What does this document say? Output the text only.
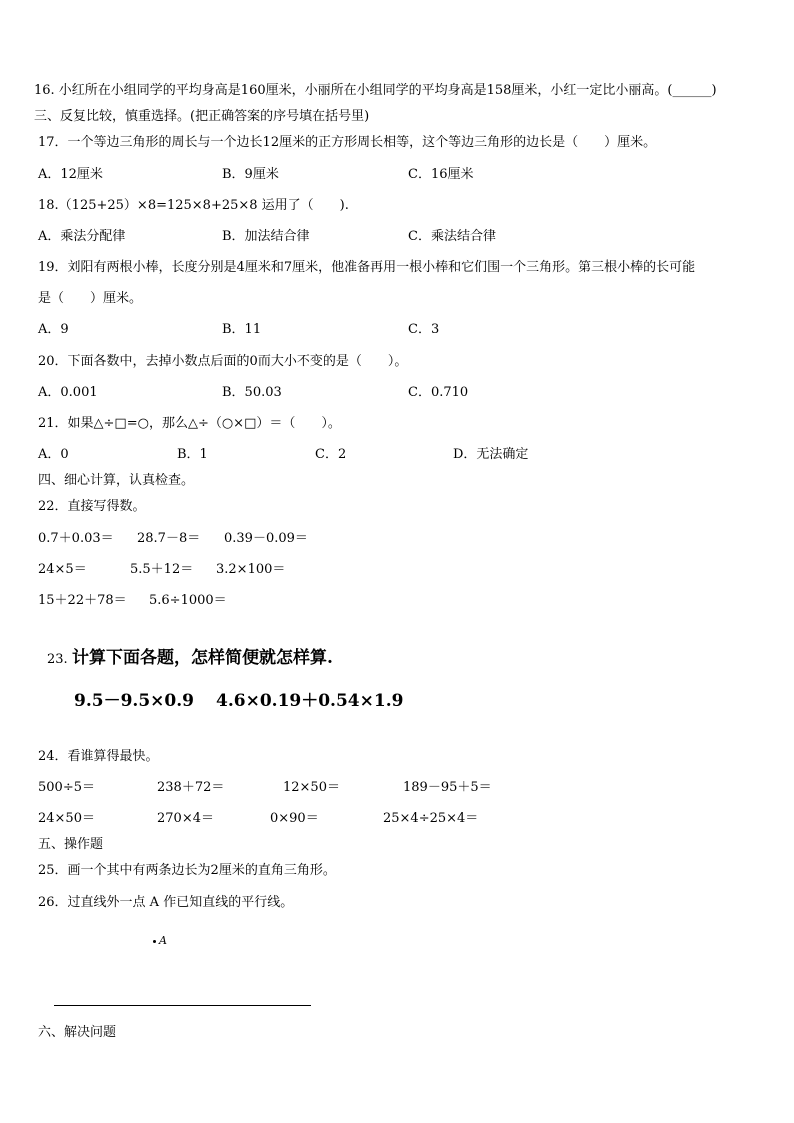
16. 小红所在小组同学的平均身高是160厘米，小丽所在小组同学的平均身高是158厘米，小红一定比小丽高。(______)
三、反复比较，慎重选择。(把正确答案的序号填在括号里)
17．一个等边三角形的周长与一个边长12厘米的正方形周长相等，这个等边三角形的边长是（　　）厘米。
A．12厘米	B．9厘米	C．16厘米
18.（125+25）×8=125×8+25×8 运用了（　　).
A．乘法分配律	B．加法结合律	C．乘法结合律
19．刘阳有两根小棒，长度分别是4厘米和7厘米，他准备再用一根小棒和它们围一个三角形。第三根小棒的长可能
是（　　）厘米。
A．9	B．11	C．3
20．下面各数中，去掉小数点后面的0而大小不变的是（　　）。
A．0.001	B．50.03	C．0.710
21．如果△÷□=○，那么△÷（○×□）＝（　　）。
A．0	B．1	C．2	D．无法确定
四、细心计算，认真检查。
22．直接写得数。
0.7＋0.03＝ 28.7－8＝ 0.39－0.09＝
24×5＝	5.5＋12＝ 3.2×100＝
15＋22＋78＝ 5.6÷1000＝
23. 计算下面各题，怎样简便就怎样算.
9.5－9.5×0.9 4.6×0.19＋0.54×1.9
24．看谁算得最快。
500÷5＝	238＋72＝	12×50＝	189－95＋5＝
24×50＝	270×4＝	0×90＝	25×4÷25×4＝
五、操作题
25．画一个其中有两条边长为2厘米的直角三角形。
26．过直线外一点 A 作已知直线的平行线。
A
六、解决问题
